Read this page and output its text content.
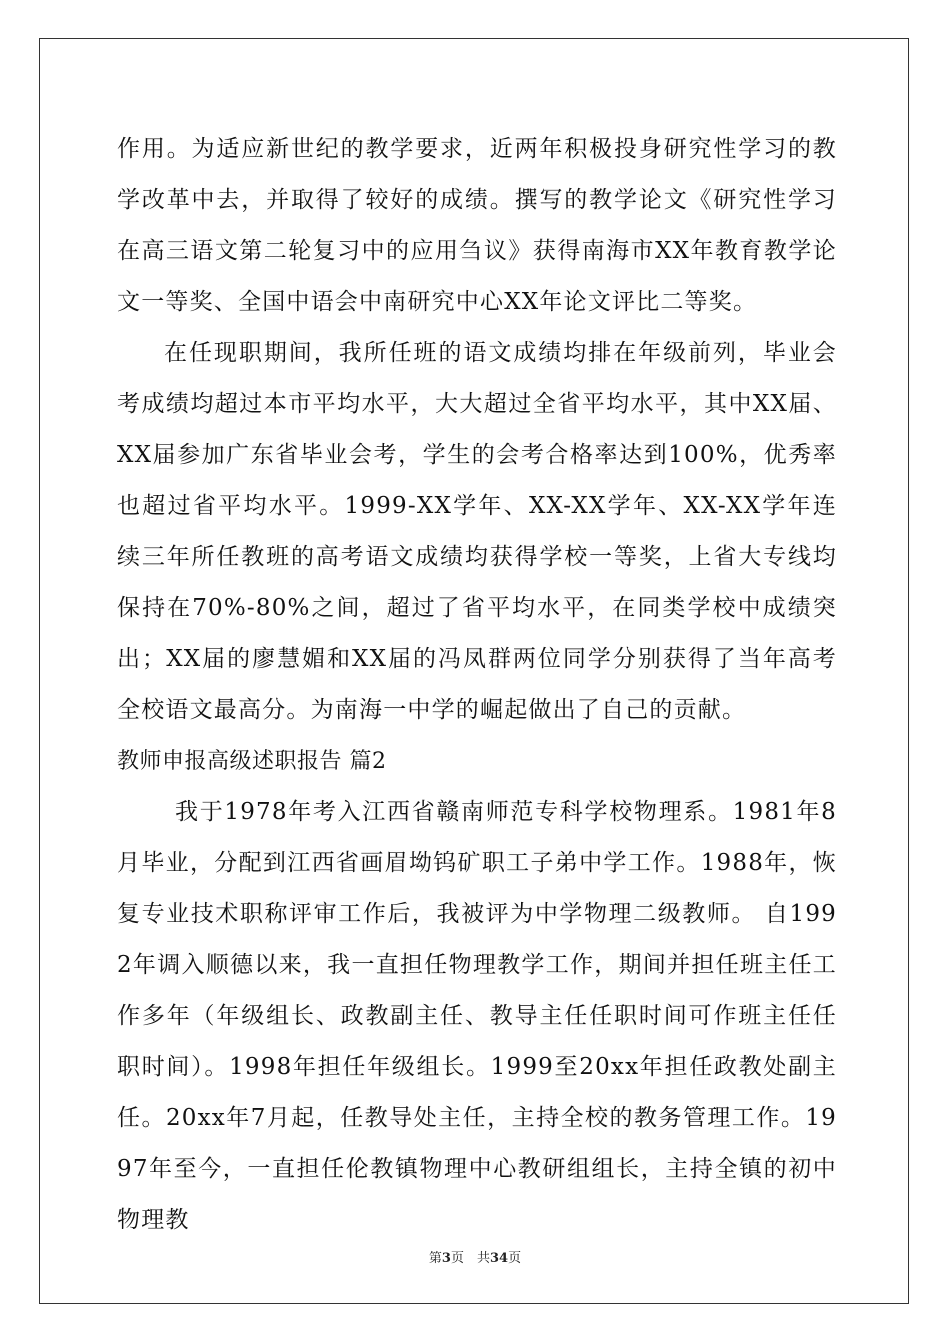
作用。为适应新世纪的教学要求，近两年积极投身研究性学习的教学改革中去，并取得了较好的成绩。撰写的教学论文《研究性学习在高三语文第二轮复习中的应用刍议》获得南海市XX年教育教学论文一等奖、全国中语会中南研究中心XX年论文评比二等奖。

在任现职期间，我所任班的语文成绩均排在年级前列，毕业会考成绩均超过本市平均水平，大大超过全省平均水平，其中XX届、XX届参加广东省毕业会考，学生的会考合格率达到100%，优秀率也超过省平均水平。1999-XX学年、XX-XX学年、XX-XX学年连续三年所任教班的高考语文成绩均获得学校一等奖，上省大专线均保持在70%-80%之间，超过了省平均水平，在同类学校中成绩突出；XX届的廖慧媚和XX届的冯凤群两位同学分别获得了当年高考全校语文最高分。为南海一中学的崛起做出了自己的贡献。

教师申报高级述职报告 篇2

我于1978年考入江西省赣南师范专科学校物理系。1981年8月毕业，分配到江西省画眉坳钨矿职工子弟中学工作。1988年，恢复专业技术职称评审工作后，我被评为中学物理二级教师。 自1992年调入顺德以来，我一直担任物理教学工作，期间并担任班主任工作多年（年级组长、政教副主任、教导主任任职时间可作班主任任职时间）。1998年担任年级组长。1999至20xx年担任政教处副主任。20xx年7月起，任教导处主任，主持全校的教务管理工作。1997年至今，一直担任伦教镇物理中心教研组组长，主持全镇的初中物理教

第3页　共34页
